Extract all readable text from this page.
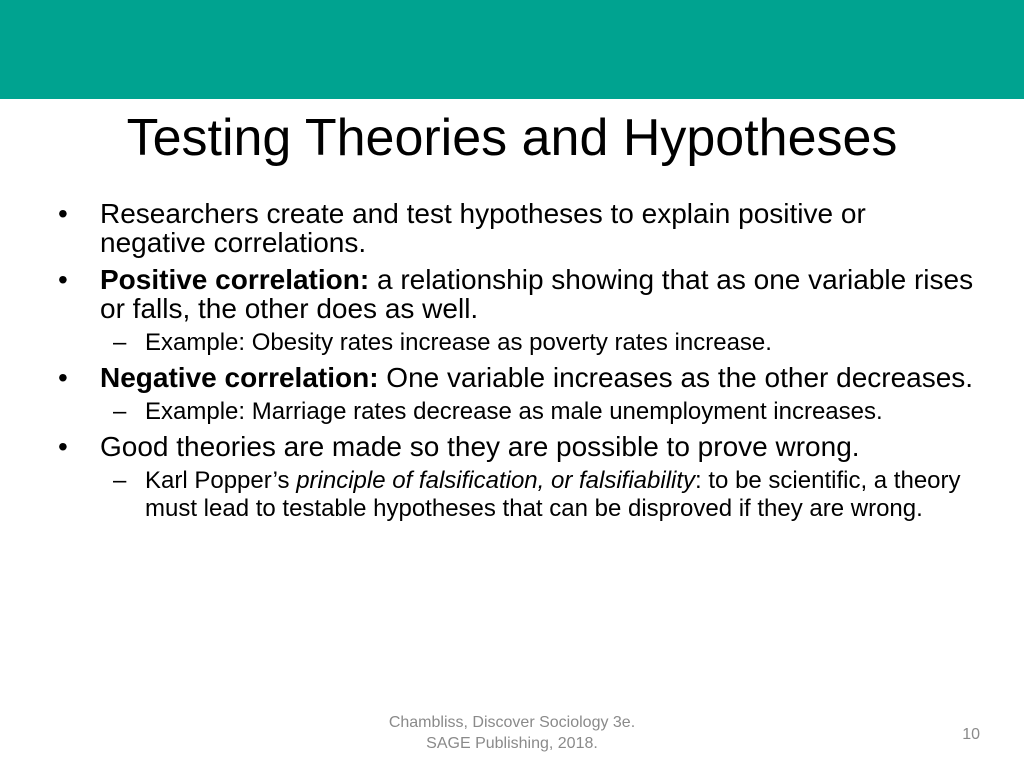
Testing Theories and Hypotheses
• Researchers create and test hypotheses to explain positive or negative correlations.
• Positive correlation: a relationship showing that as one variable rises or falls, the other does as well.
– Example: Obesity rates increase as poverty rates increase.
• Negative correlation: One variable increases as the other decreases.
– Example: Marriage rates decrease as male unemployment increases.
• Good theories are made so they are possible to prove wrong.
– Karl Popper’s principle of falsification, or falsifiability: to be scientific, a theory must lead to testable hypotheses that can be disproved if they are wrong.
Chambliss, Discover Sociology 3e.
SAGE Publishing, 2018.
10
